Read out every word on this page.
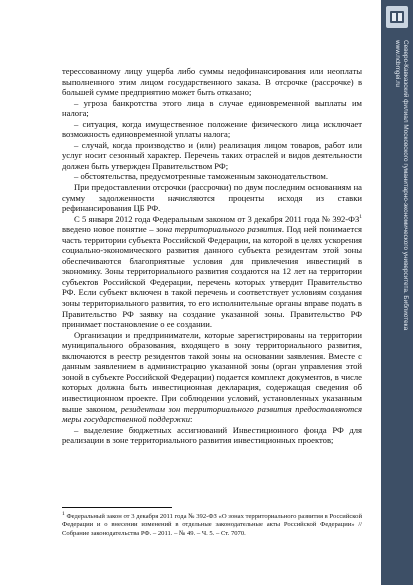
терессованному лицу ущерба либо суммы недофинансирования или неоплаты выполненного этим лицом государственного заказа. В отсрочке (рассрочке) в большей сумме предприятию может быть отказано;

– угроза банкротства этого лица в случае единовременной выплаты им налога;

– ситуация, когда имущественное положение физического лица исключает возможность единовременной уплаты налога;

– случай, когда производство и (или) реализация лицом товаров, работ или услуг носит сезонный характер. Перечень таких отраслей и видов деятельности должен быть утвержден Правительством РФ;

– обстоятельства, предусмотренные таможенным законодательством.

При предоставлении отсрочки (рассрочки) по двум последним основаниям на сумму задолженности начисляются проценты исходя из ставки рефинансирования ЦБ РФ.

С 5 января 2012 года Федеральным законом от 3 декабря 2011 года № $392-ФЗ^1$ введено новое понятие – зона территориального развития. Под ней понимается часть территории субъекта Российской Федерации, на которой в целях ускорения социально-экономического развития данного субъекта резидентам этой зоны обеспечиваются благоприятные условия для привлечения инвестиций в экономику. Зоны территориального развития создаются на 12 лет на территории субъектов Российской Федерации, перечень которых утвердит Правительство РФ. Если субъект включен в такой перечень и соответствует условиям создания зоны территориального развития, то его исполнительные органы вправе подать в Правительство РФ заявку на создание указанной зоны. Правительство РФ принимает постановление о ее создании.

Организации и предприниматели, которые зарегистрированы на территории муниципального образования, входящего в зону территориального развития, включаются в реестр резидентов такой зоны на основании заявления. Вместе с данным заявлением в администрацию указанной зоны (орган управления этой зоной в субъекте Российской Федерации) подается комплект документов, в числе которых должна быть инвестиционная декларация, содержащая сведения об инвестиционном проекте. При соблюдении условий, установленных указанным выше законом, резидентам зон территориального развития предоставляются меры государственной поддержки:

– выделение бюджетных ассигнований Инвестиционного фонда РФ для реализации в зоне территориального развития инвестиционных проектов;

$^1$ Федеральный закон от 3 декабря 2011 года № 392-ФЗ «О зонах территориального развития в Российской Федерации и о внесении изменений в отдельные законодательные акты Российской Федерации» // Собрание законодательства РФ. – 2011. – № 49. – Ч. 5. – Ст. 7070.
Северо-Кавказский филиал Московского гуманитарно-экономического университета. Библиотека
www.ncbmgei.ru
